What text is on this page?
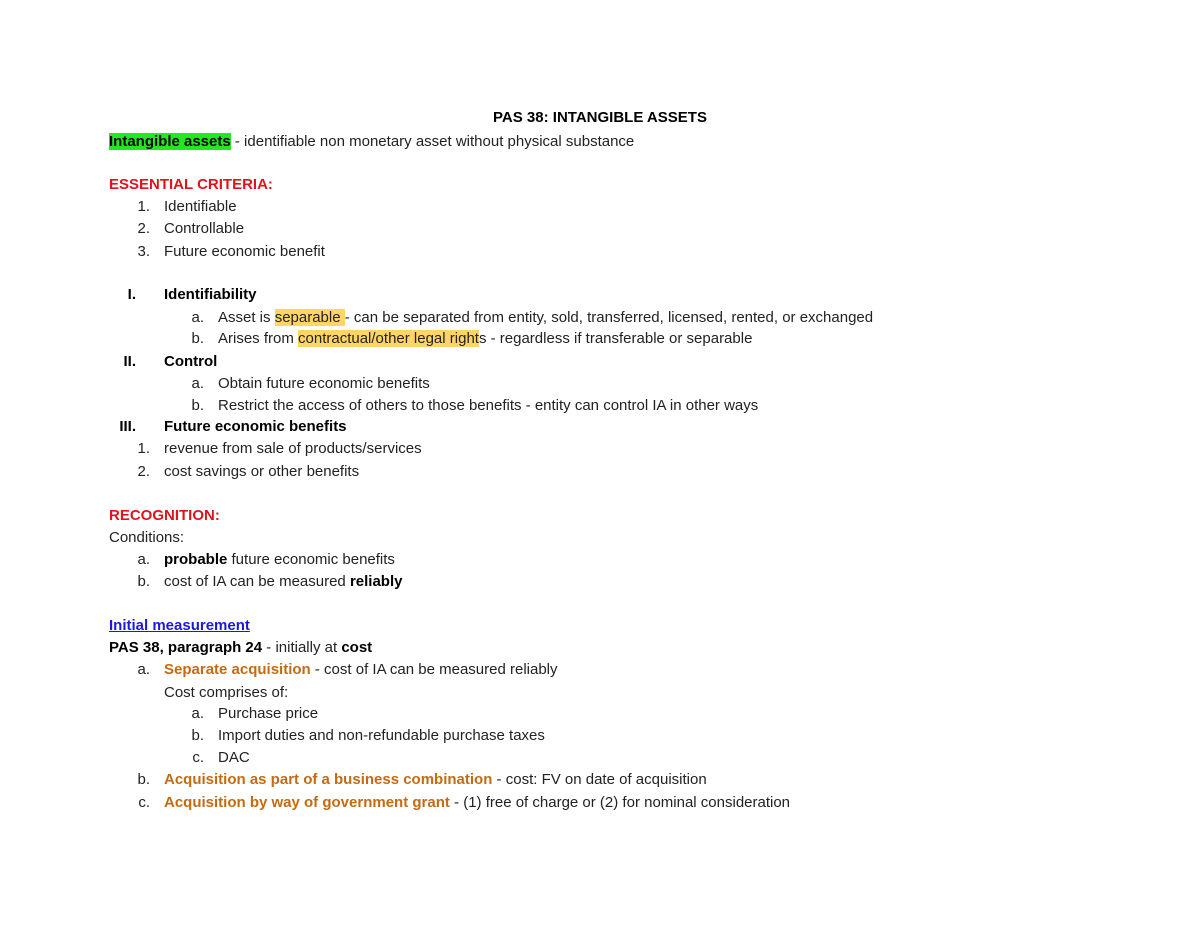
PAS 38: INTANGIBLE ASSETS
Intangible assets - identifiable non monetary asset without physical substance
ESSENTIAL CRITERIA:
1. Identifiable
2. Controllable
3. Future economic benefit
I. Identifiability
a. Asset is separable - can be separated from entity, sold, transferred, licensed, rented, or exchanged
b. Arises from contractual/other legal rights - regardless if transferable or separable
II. Control
a. Obtain future economic benefits
b. Restrict the access of others to those benefits - entity can control IA in other ways
III. Future economic benefits
1. revenue from sale of products/services
2. cost savings or other benefits
RECOGNITION:
Conditions:
a. probable future economic benefits
b. cost of IA can be measured reliably
Initial measurement
PAS 38, paragraph 24 - initially at cost
a. Separate acquisition - cost of IA can be measured reliably
Cost comprises of:
a. Purchase price
b. Import duties and non-refundable purchase taxes
c. DAC
b. Acquisition as part of a business combination - cost: FV on date of acquisition
c. Acquisition by way of government grant - (1) free of charge or (2) for nominal consideration
